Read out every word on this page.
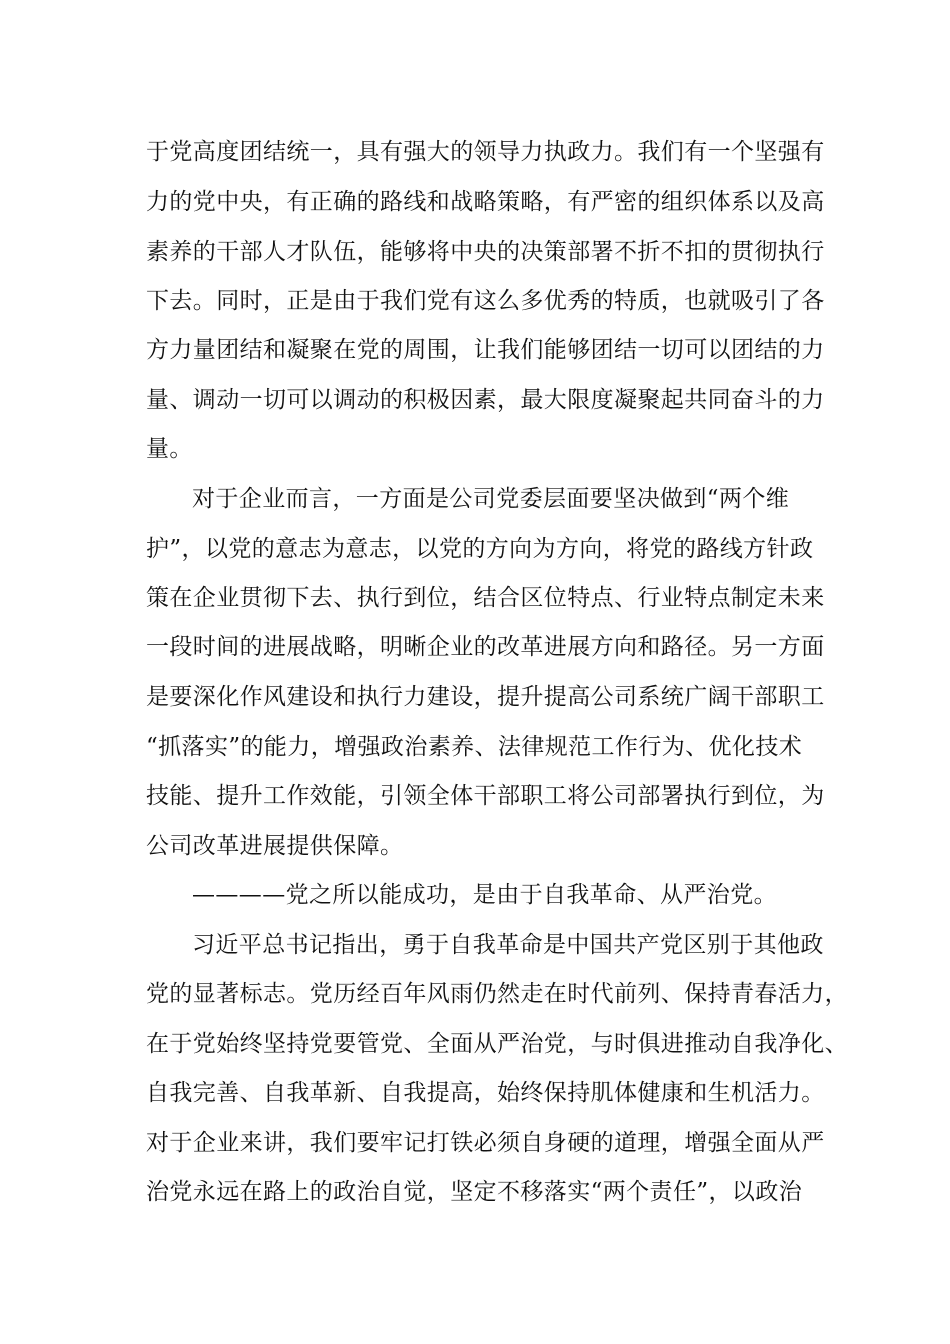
于党高度团结统一，具有强大的领导力执政力。我们有一个坚强有
力的党中央，有正确的路线和战略策略，有严密的组织体系以及高
素养的干部人才队伍，能够将中央的决策部署不折不扣的贯彻执行
下去。同时，正是由于我们党有这么多优秀的特质，也就吸引了各
方力量团结和凝聚在党的周围，让我们能够团结一切可以团结的力
量、调动一切可以调动的积极因素，最大限度凝聚起共同奋斗的力
量。
对于企业而言，一方面是公司党委层面要坚决做到“两个维
护”，以党的意志为意志，以党的方向为方向，将党的路线方针政
策在企业贯彻下去、执行到位，结合区位特点、行业特点制定未来
一段时间的进展战略，明晰企业的改革进展方向和路径。另一方面
是要深化作风建设和执行力建设，提升提高公司系统广阔干部职工
“抓落实”的能力，增强政治素养、法律规范工作行为、优化技术
技能、提升工作效能，引领全体干部职工将公司部署执行到位，为
公司改革进展提供保障。
————党之所以能成功，是由于自我革命、从严治党。
习近平总书记指出，勇于自我革命是中国共产党区别于其他政
党的显著标志。党历经百年风雨仍然走在时代前列、保持青春活力，
在于党始终坚持党要管党、全面从严治党，与时俱进推动自我净化、
自我完善、自我革新、自我提高，始终保持肌体健康和生机活力。
对于企业来讲，我们要牢记打铁必须自身硬的道理，增强全面从严
治党永远在路上的政治自觉，坚定不移落实“两个责任”，以政治
